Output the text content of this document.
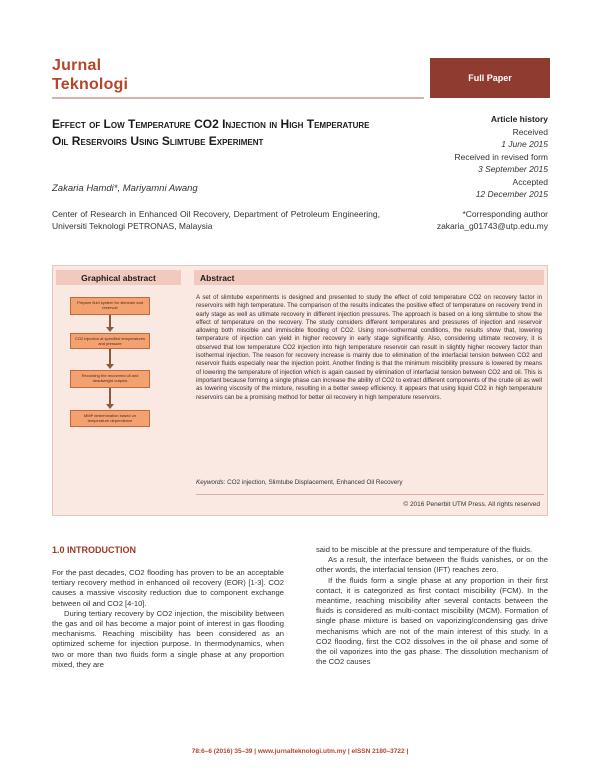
Jurnal
Teknologi	Full Paper
Effect of Low Temperature CO2 Injection in High Temperature Oil Reservoirs Using Slimtube Experiment
Zakaria Hamdi*, Mariyamni Awang
Article history
Received
1 June 2015
Received in revised form
3 September 2015
Accepted
12 December 2015
Center of Research in Enhanced Oil Recovery, Department of Petroleum Engineering, Universiti Teknologi PETRONAS, Malaysia
*Corresponding author
zakaria_g01743@utp.edu.my
Graphical abstract	Abstract
Prepare fluid system for slimtube and reservoir
CO2 injection at specified temperatures and pressure
Recording the recovered oil and deadweight outputs
MMP determination based on temperature dependence
A set of slimtube experiments is designed and presented to study the effect of cold temperature CO2 on recovery factor in reservoirs with high temperature. The comparison of the results indicates the positive effect of temperature on recovery trend in early stage as well as ultimate recovery in different injection pressures. The approach is based on a long slimtube to show the effect of temperature on the recovery. The study considers different temperatures and pressures of injection and reservoir allowing both miscible and immiscible flooding of CO2. Using non-isothermal conditions, the results show that, lowering temperature of injection can yield in higher recovery in early stage significantly. Also, considering ultimate recovery, it is observed that low temperature CO2 injection into high temperature reservoir can result in slightly higher recovery factor than isothermal injection. The reason for recovery increase is mainly due to elimination of the interfacial tension between CO2 and reservoir fluids especially near the injection point. Another finding is that the minimum miscibility pressure is lowered by means of lowering the temperature of injection which is again caused by elimination of interfacial tension between CO2 and oil. This is important because forming a single phase can increase the ability of CO2 to extract different components of the crude oil as well as lowering viscosity of the mixture, resulting in a better sweep efficiency. It appears that using liquid CO2 in high temperature reservoirs can be a promising method for better oil recovery in high temperature reservoirs.
Keywords: CO2 injection, Slimtube Displacement, Enhanced Oil Recovery
© 2016 Penerbit UTM Press. All rights reserved
1.0 INTRODUCTION

For the past decades, CO2 flooding has proven to be an acceptable tertiary recovery method in enhanced oil recovery (EOR) [1-3]. CO2 causes a massive viscosity reduction due to component exchange between oil and CO2 [4-10].

During tertiary recovery by CO2 injection, the miscibility between the gas and oil has become a major point of interest in gas flooding mechanisms. Reaching miscibility has been considered as an optimized scheme for injection purpose. In thermodynamics, when two or more than two fluids form a single phase at any proportion mixed, they are

said to be miscible at the pressure and temperature of the fluids.

As a result, the interface between the fluids vanishes, or on the other words, the interfacial tension (IFT) reaches zero.

If the fluids form a single phase at any proportion in their first contact, it is categorized as first contact miscibility (FCM). In the meantime, reaching miscibility after several contacts between the fluids is considered as multi-contact miscibility (MCM). Formation of single phase mixture is based on vaporizing/condensing gas drive mechanisms which are not of the main interest of this study. In a CO2 flooding, first the CO2 dissolves in the oil phase and some of the oil vaporizes into the gas phase. The dissolution mechanism of the CO2 causes

78:6–6 (2016) 35–39 | www.jurnalteknologi.utm.my | eISSN 2180–3722 |
